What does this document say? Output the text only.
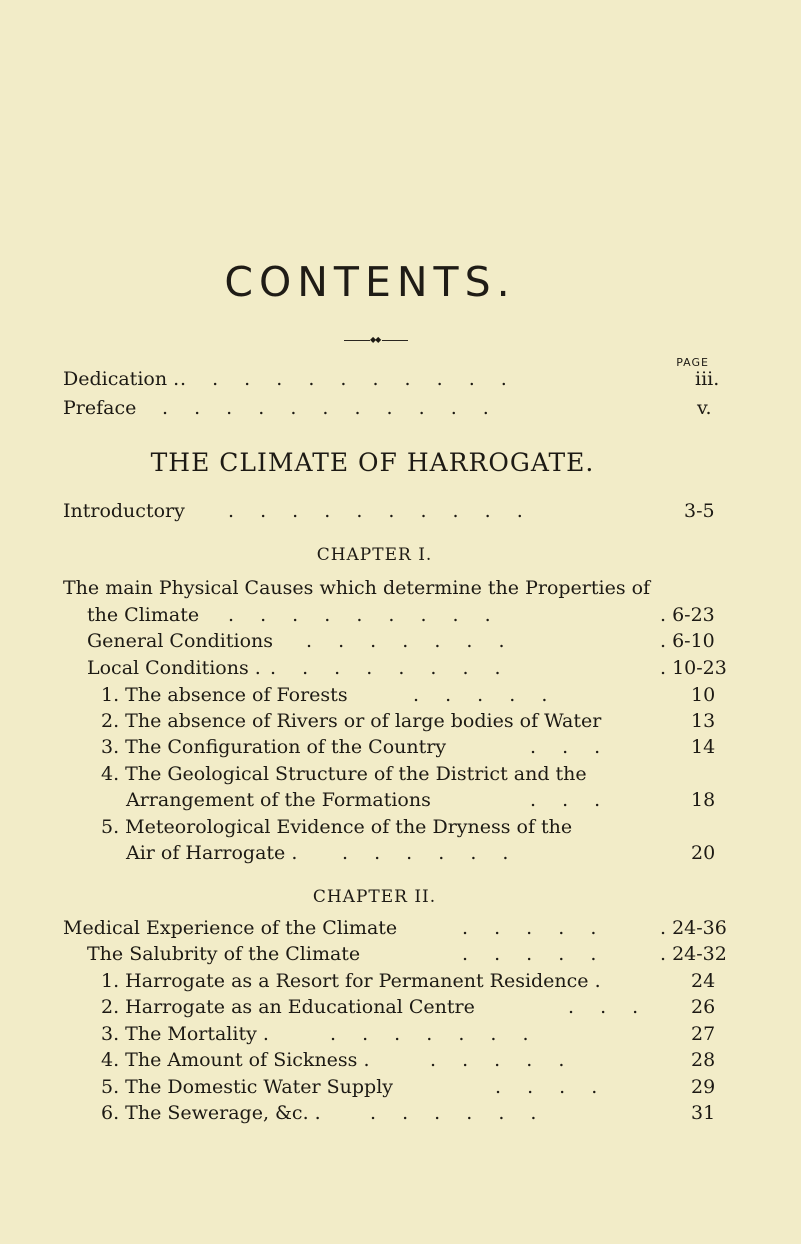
CONTENTS.
◆◆
PAGE
Dedication . . . . . . . . . . . .	iii.
Preface . . . . . . . . . . .	v.
THE CLIMATE OF HARROGATE.
Introductory . . . . . . . . . .	3-5
CHAPTER I.
The main Physical Causes which determine the Properties of
the Climate . . . . . . . . .	. 6-23
General Conditions . . . . . . .	. 6-10
Local Conditions . . . . . . . . .	. 10-23
1. The absence of Forests	. . . . .	10
2. The absence of Rivers or of large bodies of Water	13
3. The Configuration of the Country	. . .	14
4. The Geological Structure of the District and the
Arrangement of the Formations	. . .	18
5. Meteorological Evidence of the Dryness of the
Air of Harrogate . . . . . . .	20
CHAPTER II.
Medical Experience of the Climate	. . . . .	. 24-36
The Salubrity of the Climate	. . . . .	. 24-32
1. Harrogate as a Resort for Permanent Residence .	24
2. Harrogate as an Educational Centre	. . . 26
3. The Mortality .	. . . . . . .	27
4. The Amount of Sickness .	. . . . .	28
5. The Domestic Water Supply	. . . .	29
6. The Sewerage, &c. .	. . . . . .	31
